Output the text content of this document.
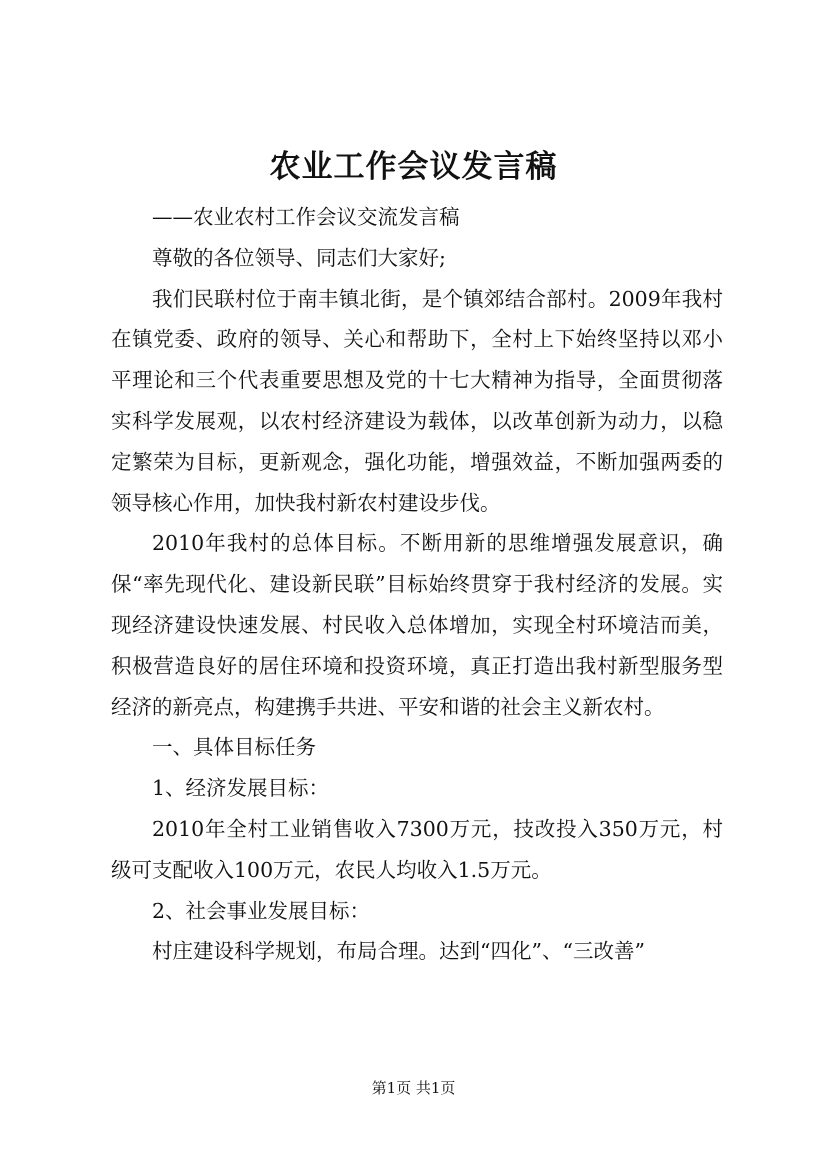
农业工作会议发言稿

——农业农村工作会议交流发言稿

尊敬的各位领导、同志们大家好;

我们民联村位于南丰镇北街，是个镇郊结合部村。2009年我村在镇党委、政府的领导、关心和帮助下，全村上下始终坚持以邓小平理论和三个代表重要思想及党的十七大精神为指导，全面贯彻落实科学发展观，以农村经济建设为载体，以改革创新为动力，以稳定繁荣为目标，更新观念，强化功能，增强效益，不断加强两委的领导核心作用，加快我村新农村建设步伐。

2010年我村的总体目标。不断用新的思维增强发展意识，确保“率先现代化、建设新民联”目标始终贯穿于我村经济的发展。实现经济建设快速发展、村民收入总体增加，实现全村环境洁而美，积极营造良好的居住环境和投资环境，真正打造出我村新型服务型经济的新亮点，构建携手共进、平安和谐的社会主义新农村。

一、具体目标任务

1、经济发展目标：

2010年全村工业销售收入7300万元，技改投入350万元，村级可支配收入100万元，农民人均收入1.5万元。

2、社会事业发展目标：

村庄建设科学规划，布局合理。达到“四化”、“三改善”

第1页 共1页
